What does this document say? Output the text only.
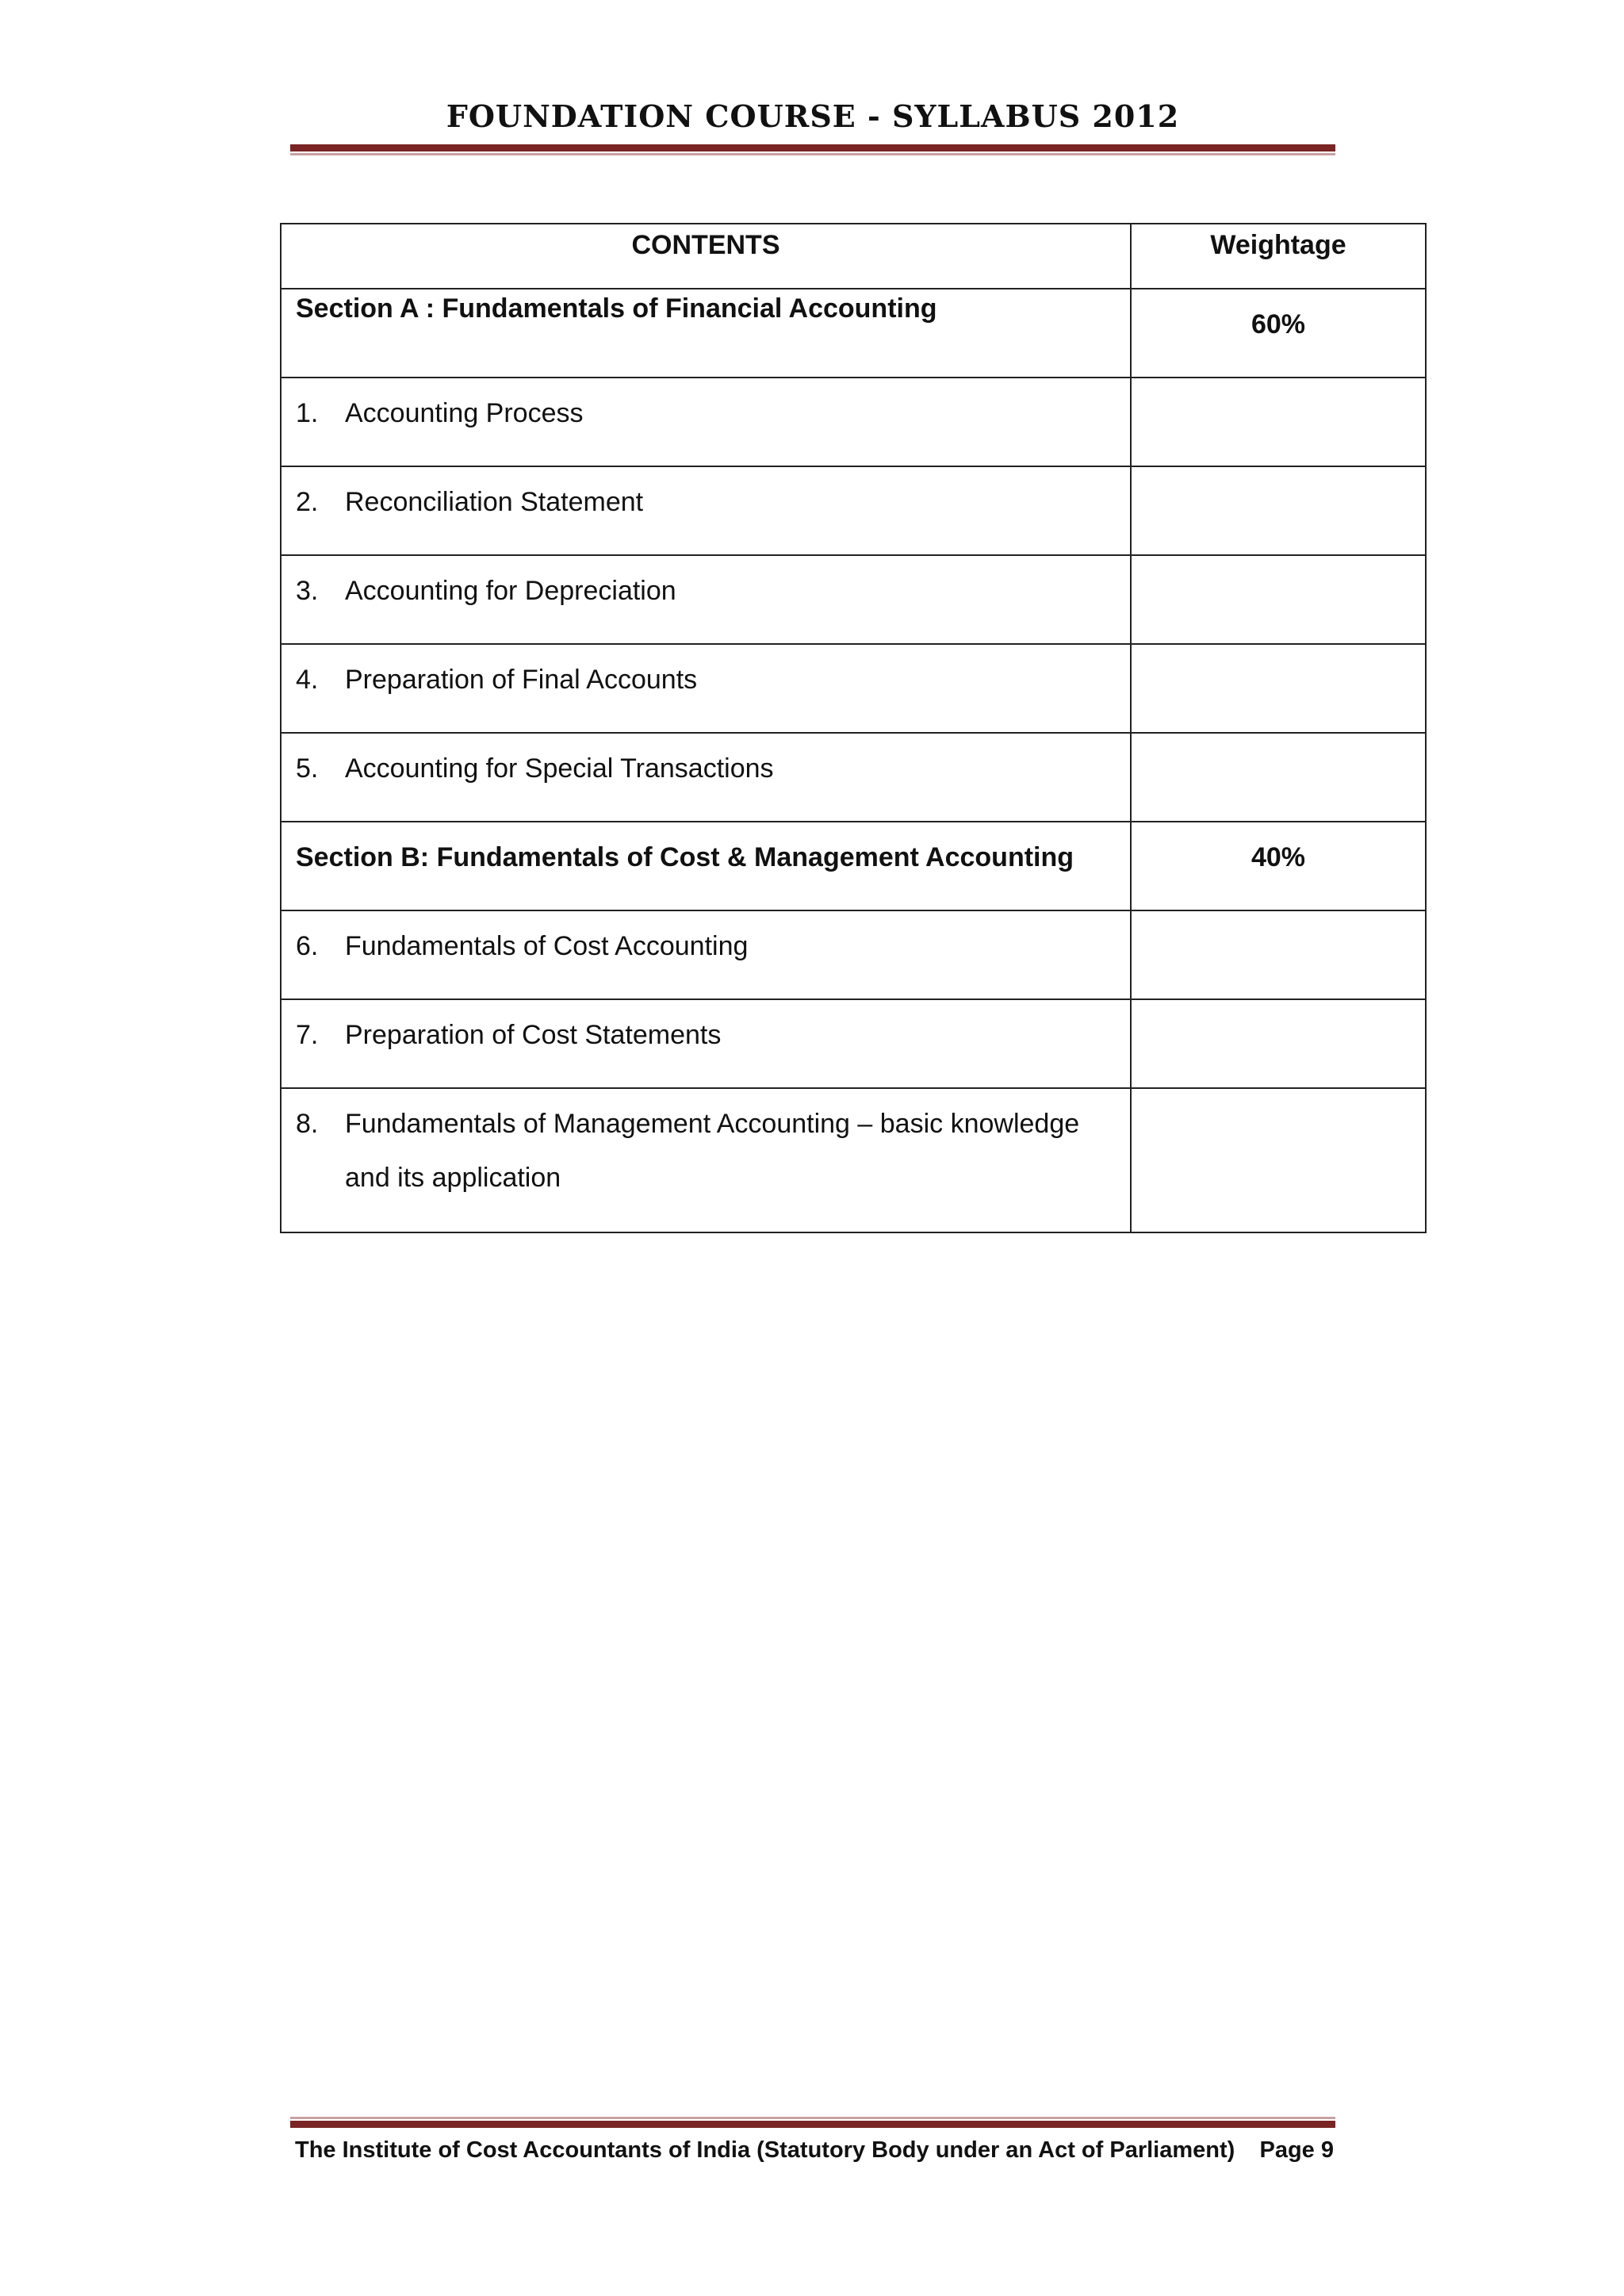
FOUNDATION COURSE - SYLLABUS 2012
CONTENTS	Weightage

Section A : Fundamentals of Financial Accounting	60%
1. Accounting Process	
2. Reconciliation Statement	
3. Accounting for Depreciation	
4. Preparation of Final Accounts	
5. Accounting for Special Transactions	
Section B: Fundamentals of Cost & Management Accounting	40%
6. Fundamentals of Cost Accounting	
7. Preparation of Cost Statements	

8. Fundamentals of Management Accounting – basic knowledge and its application	

The Institute of Cost Accountants of India (Statutory Body under an Act of Parliament) Page 9
